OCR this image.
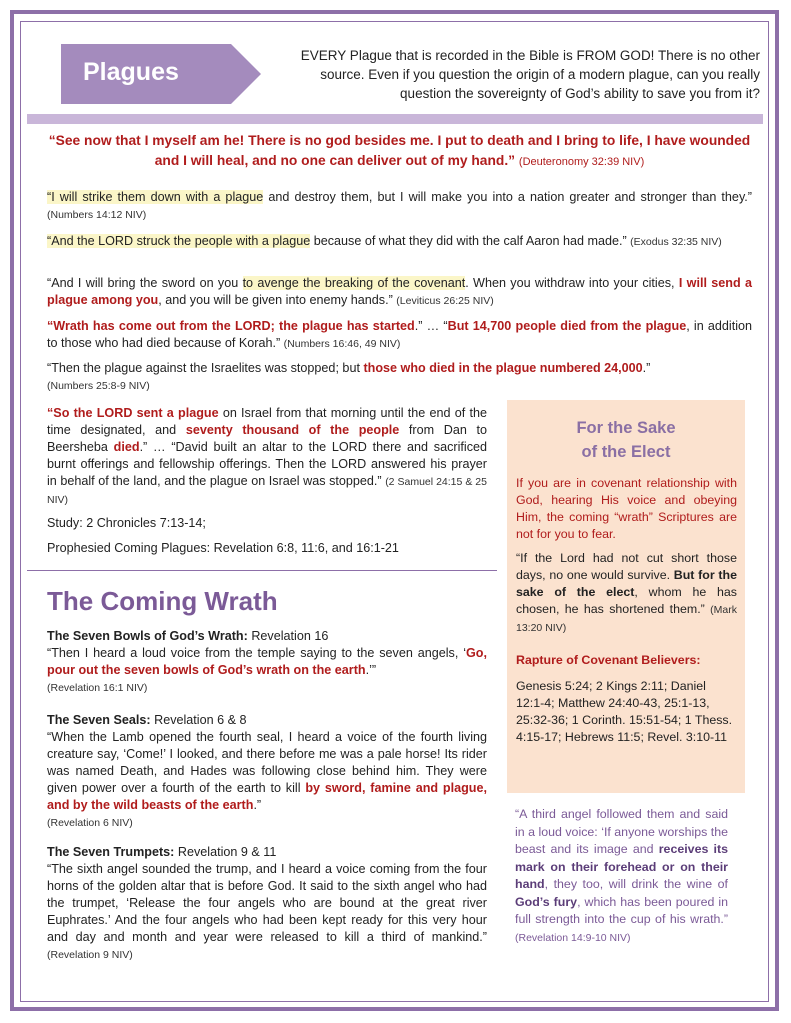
Plagues
EVERY Plague that is recorded in the Bible is FROM GOD! There is no other source. Even if you question the origin of a modern plague, can you really question the sovereignty of God’s ability to save you from it?
“See now that I myself am he! There is no god besides me. I put to death and I bring to life, I have wounded and I will heal, and no one can deliver out of my hand.” (Deuteronomy 32:39 NIV)
“I will strike them down with a plague and destroy them, but I will make you into a nation greater and stronger than they.” (Numbers 14:12 NIV)
“And the LORD struck the people with a plague because of what they did with the calf Aaron had made.” (Exodus 32:35 NIV)
“And I will bring the sword on you to avenge the breaking of the covenant. When you withdraw into your cities, I will send a plague among you, and you will be given into enemy hands.” (Leviticus 26:25 NIV)
“Wrath has come out from the LORD; the plague has started.” … “But 14,700 people died from the plague, in addition to those who had died because of Korah.” (Numbers 16:46, 49 NIV)
“Then the plague against the Israelites was stopped; but those who died in the plague numbered 24,000.”
(Numbers 25:8-9 NIV)
“So the LORD sent a plague on Israel from that morning until the end of the time designated, and seventy thousand of the people from Dan to Beersheba died.” … “David built an altar to the LORD there and sacrificed burnt offerings and fellowship offerings. Then the LORD answered his prayer in behalf of the land, and the plague on Israel was stopped.” (2 Samuel 24:15 & 25 NIV)
Study: 2 Chronicles 7:13-14;
Prophesied Coming Plagues: Revelation 6:8, 11:6, and 16:1-21
The Coming Wrath
The Seven Bowls of God’s Wrath: Revelation 16
“Then I heard a loud voice from the temple saying to the seven angels, ‘Go, pour out the seven bowls of God’s wrath on the earth.’”
(Revelation 16:1 NIV)
The Seven Seals: Revelation 6 & 8
“When the Lamb opened the fourth seal, I heard a voice of the fourth living creature say, ‘Come!’ I looked, and there before me was a pale horse! Its rider was named Death, and Hades was following close behind him. They were given power over a fourth of the earth to kill by sword, famine and plague, and by the wild beasts of the earth.”
(Revelation 6 NIV)
The Seven Trumpets: Revelation 9 & 11
“The sixth angel sounded the trump, and I heard a voice coming from the four horns of the golden altar that is before God. It said to the sixth angel who had the trumpet, ‘Release the four angels who are bound at the great river Euphrates.’ And the four angels who had been kept ready for this very hour and day and month and year were released to kill a third of mankind.” (Revelation 9 NIV)
For the Sake
of the Elect
If you are in covenant relationship with God, hearing His voice and obeying Him, the coming “wrath” Scriptures are not for you to fear.
“If the Lord had not cut short those days, no one would survive. But for the sake of the elect, whom he has chosen, he has shortened them.” (Mark 13:20 NIV)
Rapture of Covenant Believers:
Genesis 5:24; 2 Kings 2:11; Daniel 12:1-4; Matthew 24:40-43, 25:1-13, 25:32-36; 1 Corinth. 15:51-54; 1 Thess. 4:15-17; Hebrews 11:5; Revel. 3:10-11
“A third angel followed them and said in a loud voice: ‘If anyone worships the beast and its image and receives its mark on their forehead or on their hand, they too, will drink the wine of God’s fury, which has been poured in full strength into the cup of his wrath.” (Revelation 14:9-10 NIV)
